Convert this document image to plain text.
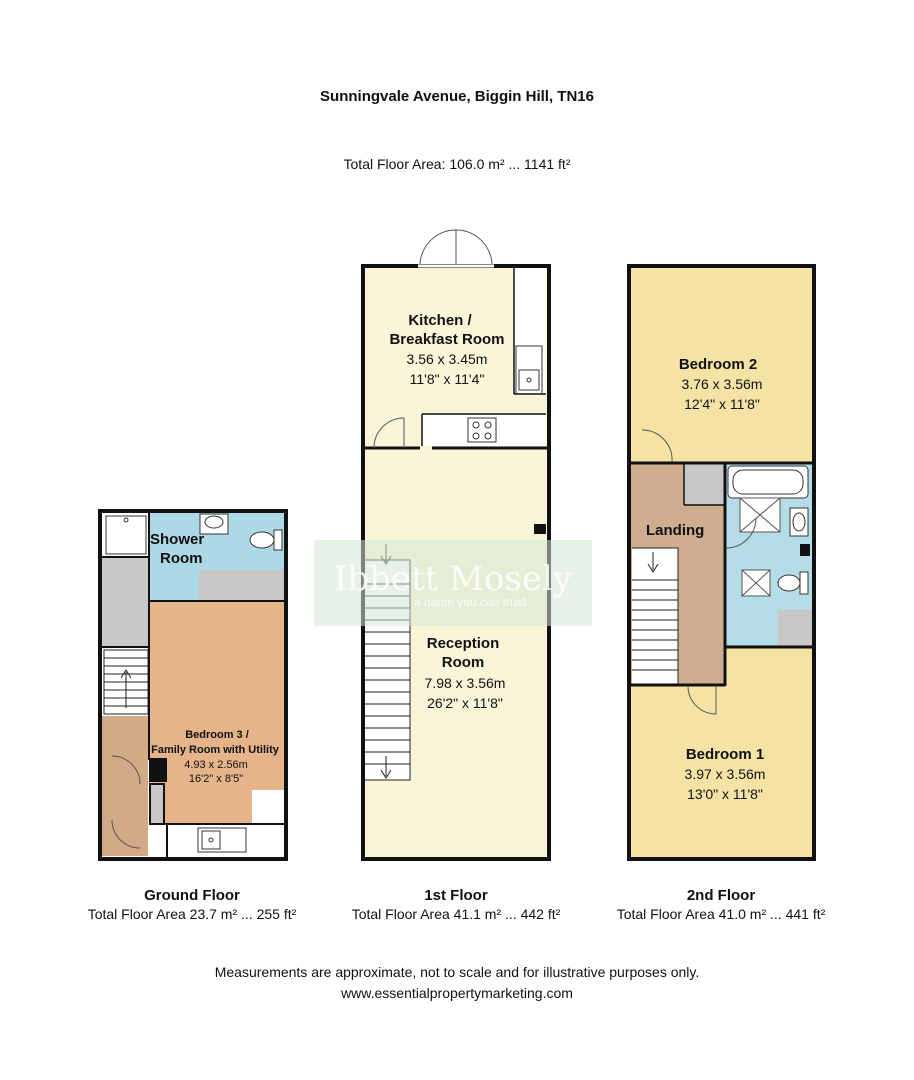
Sunningvale Avenue, Biggin Hill, TN16
Total Floor Area: 106.0 m² ... 1141 ft²
Shower
Room
Bedroom 3 /
Family Room with Utility
4.93 x 2.56m
16'2" x 8'5"
Kitchen /
Breakfast Room
3.56 x 3.45m
11'8" x 11'4"
Reception
Room
7.98 x 3.56m
26'2" x 11'8"
Bedroom 2
3.76 x 3.56m
12'4" x 11'8"
Landing
Bedroom 1
3.97 x 3.56m
13'0" x 11'8"
Ibbett Mosely
a name you can trust
Ground Floor
Total Floor Area 23.7 m² ... 255 ft²
1st Floor
Total Floor Area 41.1 m² ... 442 ft²
2nd Floor
Total Floor Area 41.0 m² ... 441 ft²
Measurements are approximate, not to scale and for illustrative purposes only.
www.essentialpropertymarketing.com
